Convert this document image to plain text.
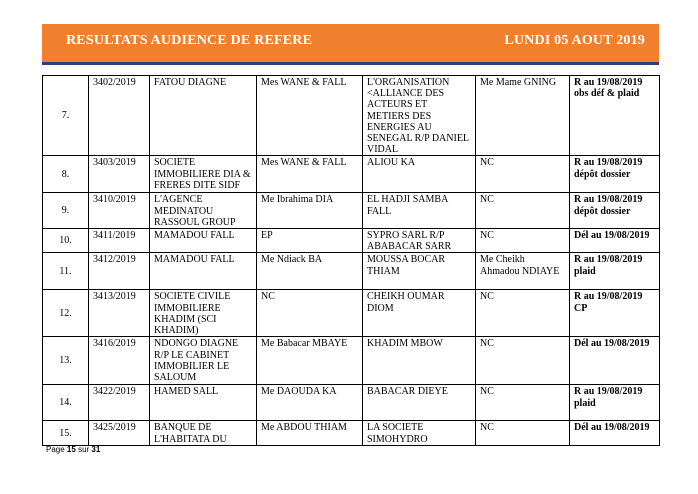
RESULTATS AUDIENCE DE REFERE	LUNDI 05 AOUT 2019
7.	3402/2019	FATOU DIAGNE	Mes WANE & FALL	L'ORGANISATION <ALLIANCE DES ACTEURS ET METIERS DES ENERGIES AU SENEGAL R/P DANIEL VIDAL	Me Mame GNING	R au 19/08/2019 obs déf & plaid
8.	3403/2019	SOCIETE IMMOBILIERE DIA & FRERES DITE SIDF	Mes WANE & FALL	ALIOU KA	NC	R au 19/08/2019 dépôt dossier
9.	3410/2019	L'AGENCE MEDINATOU RASSOUL GROUP	Me Ibrahima DIA	EL HADJI SAMBA FALL	NC	R au 19/08/2019 dépôt dossier
10.	3411/2019	MAMADOU FALL	EP	SYPRO SARL R/P ABABACAR SARR	NC	Dél au 19/08/2019
11.	3412/2019	MAMADOU FALL	Me Ndiack BA	MOUSSA BOCAR THIAM	Me Cheikh Ahmadou NDIAYE	R au 19/08/2019 plaid
12.	3413/2019	SOCIETE CIVILE IMMOBILIERE KHADIM (SCI KHADIM)	NC	CHEIKH OUMAR DIOM	NC	R au 19/08/2019 CP
13.	3416/2019	NDONGO DIAGNE R/P LE CABINET IMMOBILIER LE SALOUM	Me Babacar MBAYE	KHADIM MBOW	NC	Dél au 19/08/2019
14.	3422/2019	HAMED SALL	Me DAOUDA KA	BABACAR DIEYE	NC	R au 19/08/2019 plaid
15.	3425/2019	BANQUE DE L'HABITATA DU	Me ABDOU THIAM	LA SOCIETE SIMOHYDRO	NC	Dél au 19/08/2019
Page 15 sur 31
